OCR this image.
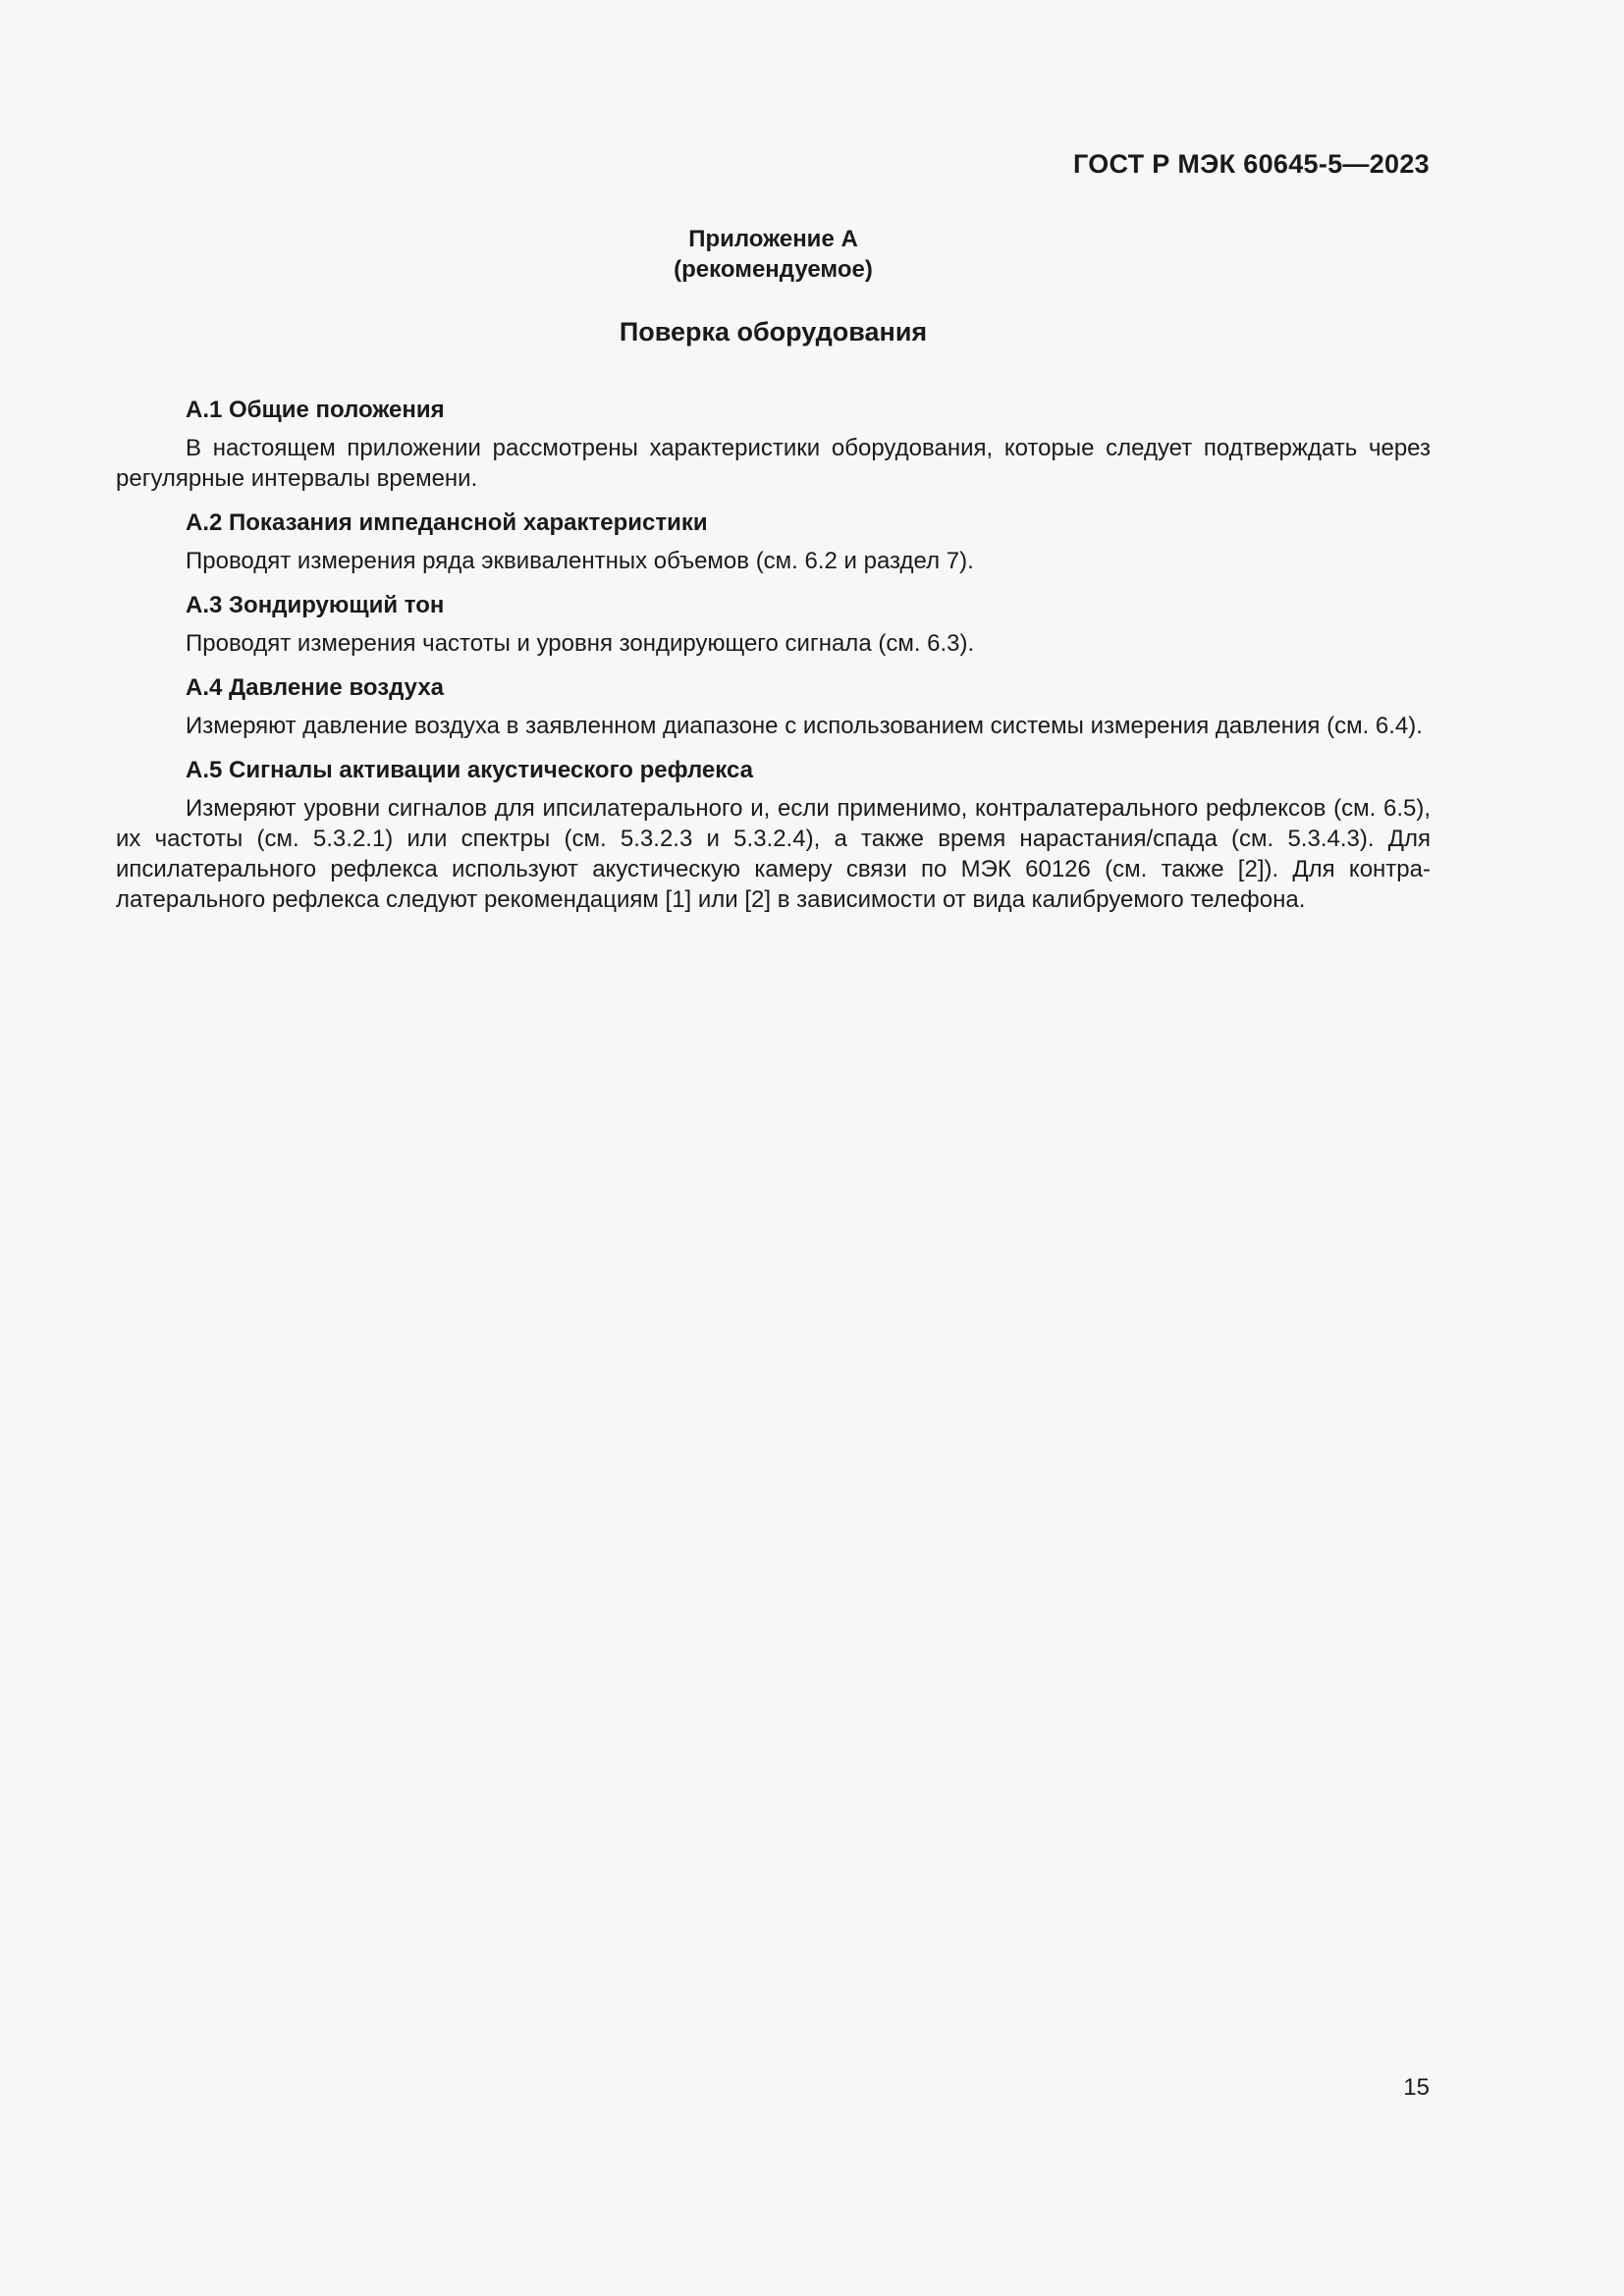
ГОСТ Р МЭК 60645-5—2023
Приложение А
(рекомендуемое)
Поверка оборудования

А.1 Общие положения

В настоящем приложении рассмотрены характеристики оборудования, которые следует подтверждать через регулярные интервалы времени.

А.2 Показания импедансной характеристики

Проводят измерения ряда эквивалентных объемов (см. 6.2 и раздел 7).

А.3 Зондирующий тон

Проводят измерения частоты и уровня зондирующего сигнала (см. 6.3).

А.4 Давление воздуха

Измеряют давление воздуха в заявленном диапазоне с использованием системы измерения давления (см. 6.4).

А.5 Сигналы активации акустического рефлекса

Измеряют уровни сигналов для ипсилатерального и, если применимо, контралатерального рефлексов (см. 6.5), их частоты (см. 5.3.2.1) или спектры (см. 5.3.2.3 и 5.3.2.4), а также время нарастания/спада (см. 5.3.4.3). Для ипсилатерального рефлекса используют акустическую камеру связи по МЭК 60126 (см. также [2]). Для контралатерального рефлекса следуют рекомендациям [1] или [2] в зависимости от вида калибруемого телефона.

15
